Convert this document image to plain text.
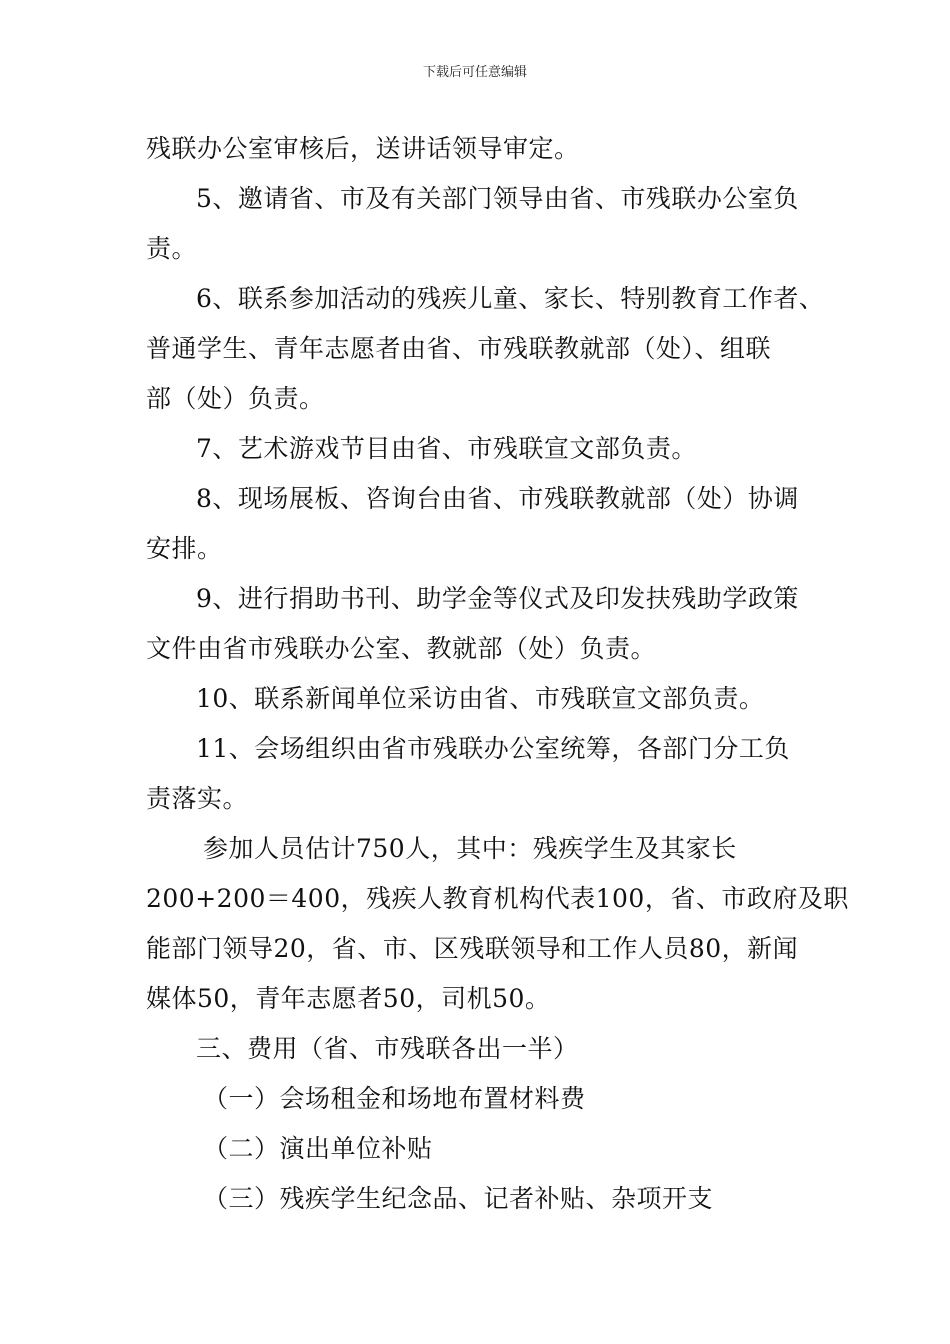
下载后可任意编辑
残联办公室审核后，送讲话领导审定。
5、邀请省、市及有关部门领导由省、市残联办公室负
责。
6、联系参加活动的残疾儿童、家长、特别教育工作者、
普通学生、青年志愿者由省、市残联教就部（处）、组联
部（处）负责。
7、艺术游戏节目由省、市残联宣文部负责。
8、现场展板、咨询台由省、市残联教就部（处）协调
安排。
9、进行捐助书刊、助学金等仪式及印发扶残助学政策
文件由省市残联办公室、教就部（处）负责。
10、联系新闻单位采访由省、市残联宣文部负责。
11、会场组织由省市残联办公室统筹，各部门分工负
责落实。
参加人员估计750人，其中：残疾学生及其家长
200+200＝400，残疾人教育机构代表100，省、市政府及职
能部门领导20，省、市、区残联领导和工作人员80，新闻
媒体50，青年志愿者50，司机50。
三、费用（省、市残联各出一半）
（一）会场租金和场地布置材料费
（二）演出单位补贴
（三）残疾学生纪念品、记者补贴、杂项开支
